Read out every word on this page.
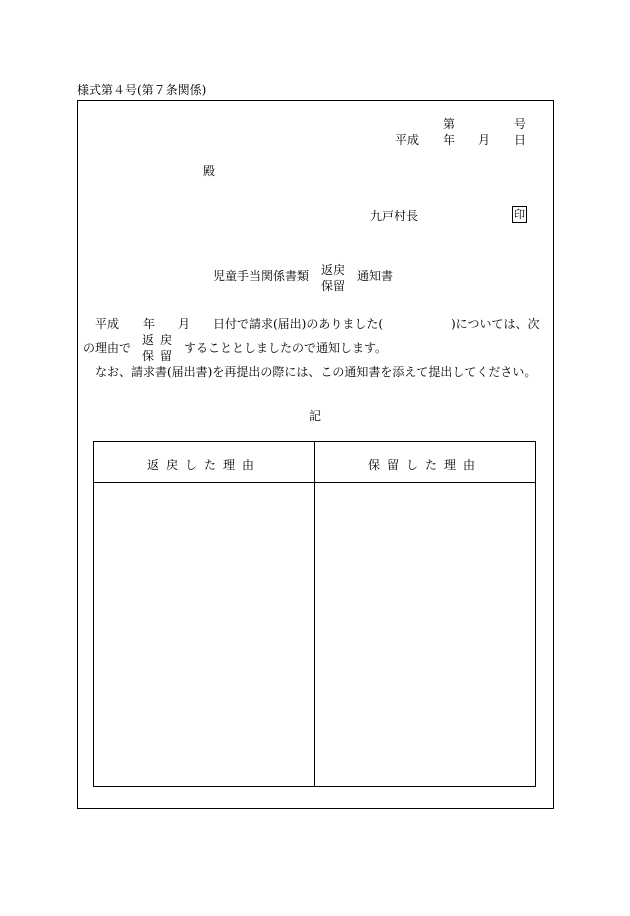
様式第４号(第７条関係)
第	号
平成 年 月 日
殿
九戸村長	印
児童手当関係書類 返戻
保留
通知書
平成 年 月 日付で請求(届出)のありました(	)については、次
の理由で
返 戻
保 留
することとしましたので通知します。
なお、請求書(届出書)を再提出の際には、この通知書を添えて提出してください。
記
返戻した理由	保留した理由
